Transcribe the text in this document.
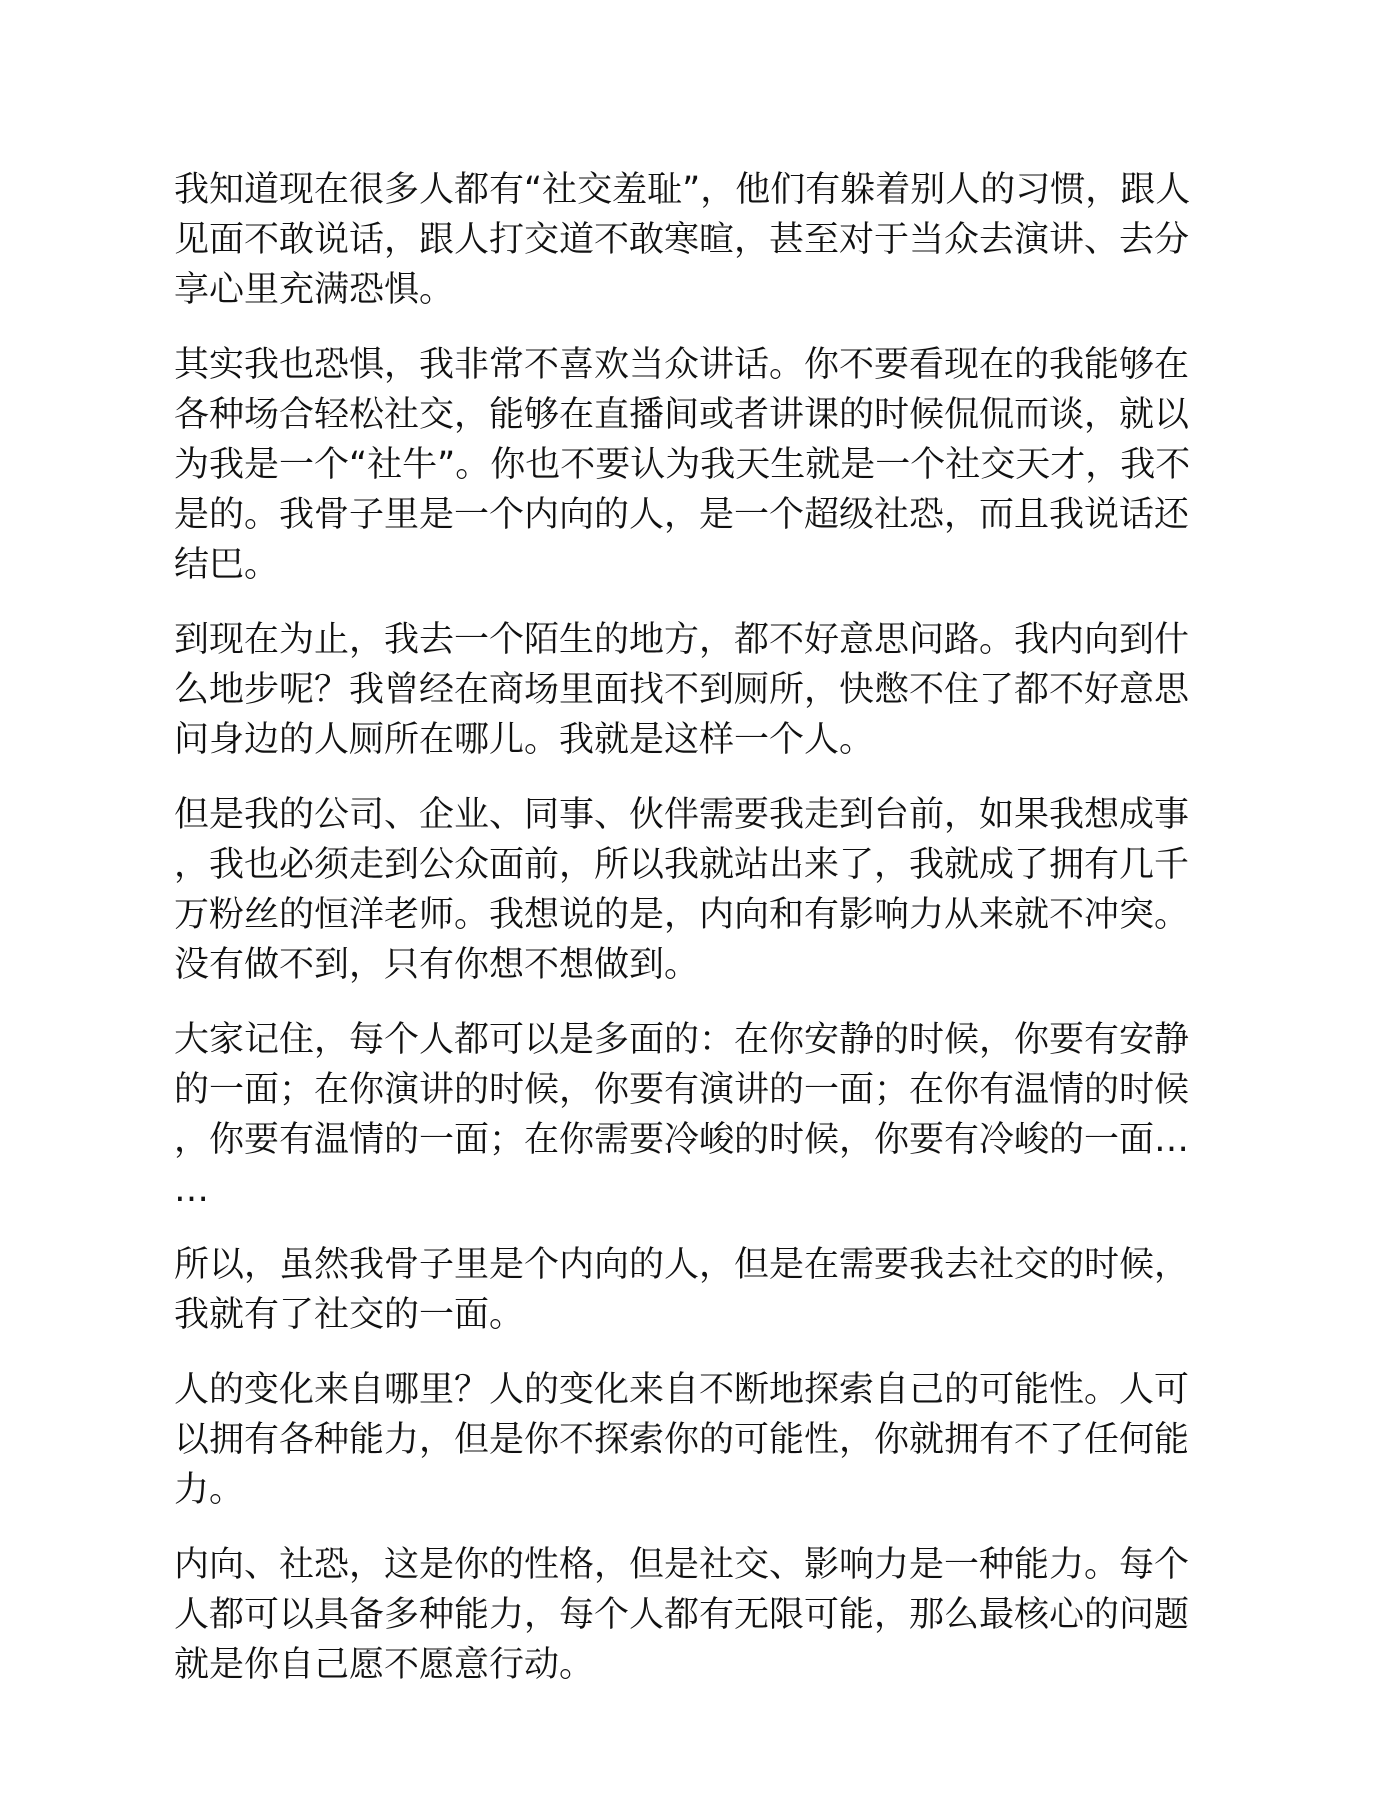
我知道现在很多人都有“社交羞耻”，他们有躲着别人的习惯，跟人见面不敢说话，跟人打交道不敢寒暄，甚至对于当众去演讲、去分享心里充满恐惧。

其实我也恐惧，我非常不喜欢当众讲话。你不要看现在的我能够在各种场合轻松社交，能够在直播间或者讲课的时候侃侃而谈，就以为我是一个“社牛”。你也不要认为我天生就是一个社交天才，我不是的。我骨子里是一个内向的人，是一个超级社恐，而且我说话还结巴。

到现在为止，我去一个陌生的地方，都不好意思问路。我内向到什么地步呢？我曾经在商场里面找不到厕所，快憋不住了都不好意思问身边的人厕所在哪儿。我就是这样一个人。

但是我的公司、企业、同事、伙伴需要我走到台前，如果我想成事，我也必须走到公众面前，所以我就站出来了，我就成了拥有几千万粉丝的恒洋老师。我想说的是，内向和有影响力从来就不冲突。没有做不到，只有你想不想做到。

大家记住，每个人都可以是多面的：在你安静的时候，你要有安静的一面；在你演讲的时候，你要有演讲的一面；在你有温情的时候，你要有温情的一面；在你需要冷峻的时候，你要有冷峻的一面……

所以，虽然我骨子里是个内向的人，但是在需要我去社交的时候，我就有了社交的一面。

人的变化来自哪里？人的变化来自不断地探索自己的可能性。人可以拥有各种能力，但是你不探索你的可能性，你就拥有不了任何能力。

内向、社恐，这是你的性格，但是社交、影响力是一种能力。每个人都可以具备多种能力，每个人都有无限可能，那么最核心的问题就是你自己愿不愿意行动。
